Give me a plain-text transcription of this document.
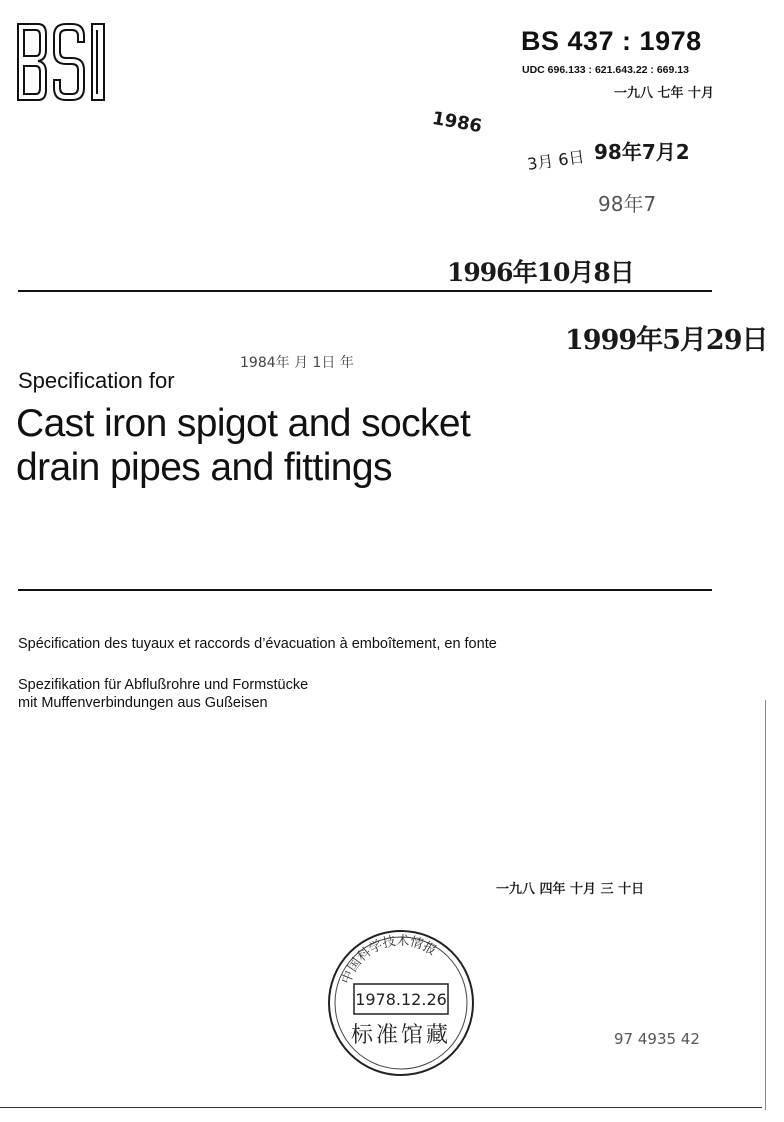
BS 437 : 1978
UDC 696.133 : 621.643.22 : 669.13
一九八 七年 十月
1986
3月 6日 98年7月2
98年7
1996年10月8日
1999年5月29日
1984年 月 1日 年
Specification for
Cast iron spigot and socket
drain pipes and fittings
Spécification des tuyaux et raccords d’évacuation à emboîtement, en fonte
Spezifikation für Abflußrohre und Formstücke
mit Muffenverbindungen aus Gußeisen
一九八 四年 十月 三 十日
中国科学技术情报
1978.12.26
标准馆藏	97 4935 42
